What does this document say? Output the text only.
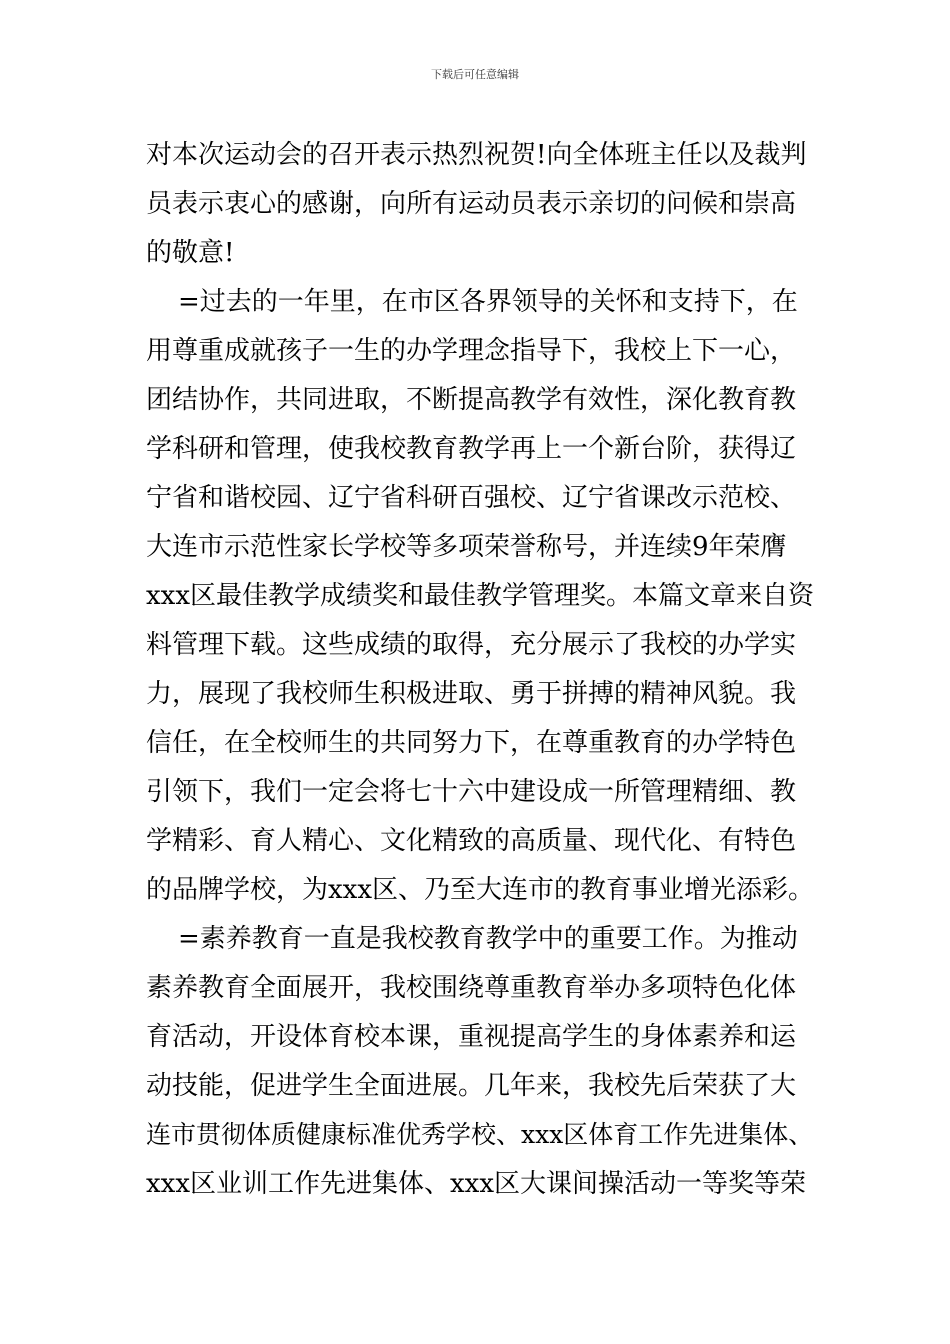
下载后可任意编辑
对本次运动会的召开表示热烈祝贺!向全体班主任以及裁判
员表示衷心的感谢，向所有运动员表示亲切的问候和崇高
的敬意!
=过去的一年里，在市区各界领导的关怀和支持下，在
用尊重成就孩子一生的办学理念指导下，我校上下一心，
团结协作，共同进取，不断提高教学有效性，深化教育教
学科研和管理，使我校教育教学再上一个新台阶，获得辽
宁省和谐校园、辽宁省科研百强校、辽宁省课改示范校、
大连市示范性家长学校等多项荣誉称号，并连续9年荣膺
xxx区最佳教学成绩奖和最佳教学管理奖。本篇文章来自资
料管理下载。这些成绩的取得，充分展示了我校的办学实
力，展现了我校师生积极进取、勇于拼搏的精神风貌。我
信任，在全校师生的共同努力下，在尊重教育的办学特色
引领下，我们一定会将七十六中建设成一所管理精细、教
学精彩、育人精心、文化精致的高质量、现代化、有特色
的品牌学校，为xxx区、乃至大连市的教育事业增光添彩。
=素养教育一直是我校教育教学中的重要工作。为推动
素养教育全面展开，我校围绕尊重教育举办多项特色化体
育活动，开设体育校本课，重视提高学生的身体素养和运
动技能，促进学生全面进展。几年来，我校先后荣获了大
连市贯彻体质健康标准优秀学校、xxx区体育工作先进集体、
xxx区业训工作先进集体、xxx区大课间操活动一等奖等荣
